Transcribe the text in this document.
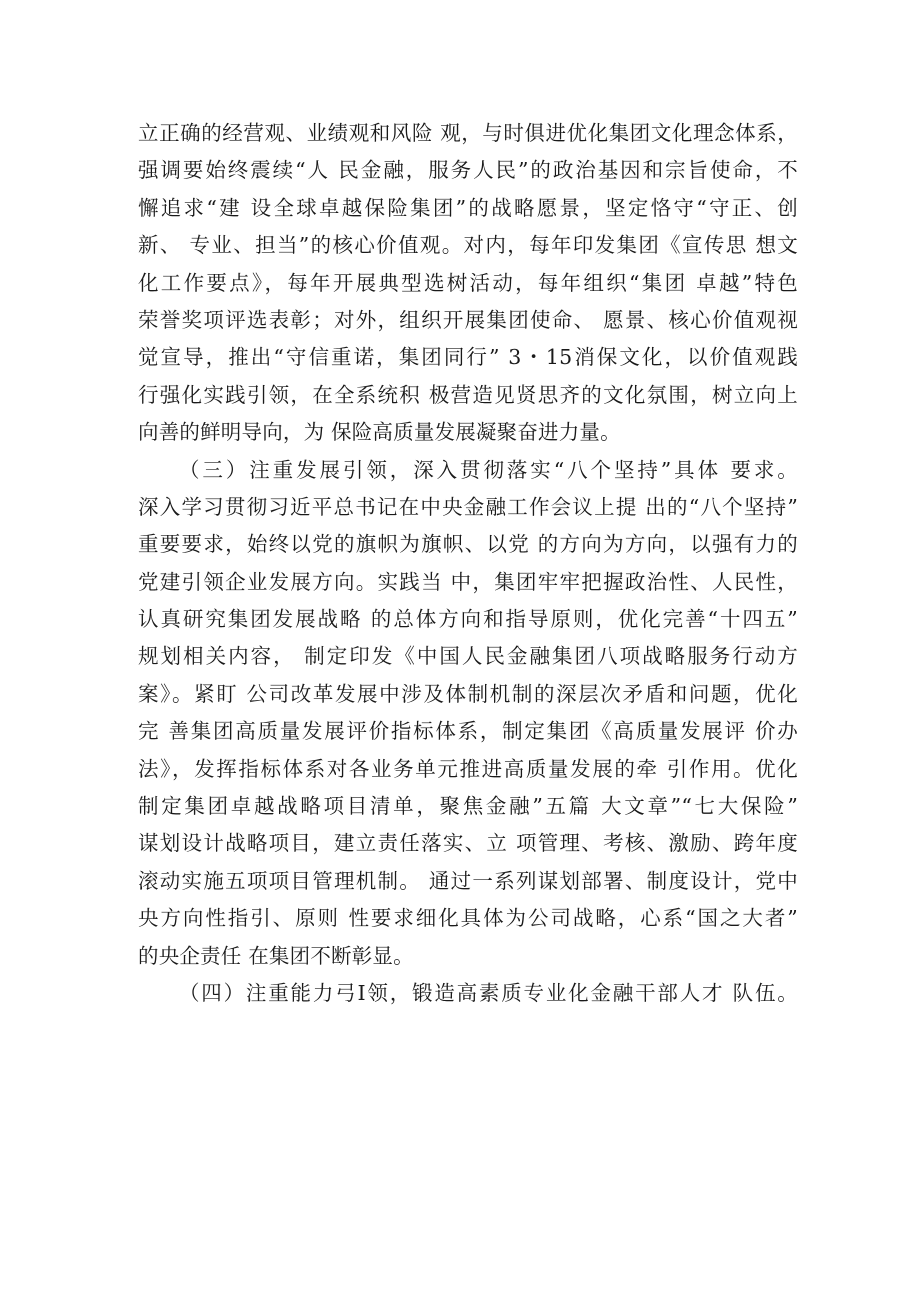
立正确的经营观、业绩观和风险 观，与时俱进优化集团文化理念体系，
强调要始终震续“人 民金融，服务人民”的政治基因和宗旨使命，不
懈追求“建 设全球卓越保险集团”的战略愿景，坚定恪守“守正、创
新、 专业、担当”的核心价值观。对内，每年印发集团《宣传思 想文
化工作要点》，每年开展典型选树活动，每年组织“集团 卓越”特色
荣誉奖项评选表彰；对外，组织开展集团使命、 愿景、核心价值观视
觉宣导，推出“守信重诺，集团同行” 3・15消保文化，以价值观践
行强化实践引领，在全系统积 极营造见贤思齐的文化氛围，树立向上
向善的鲜明导向，为 保险高质量发展凝聚奋进力量。
（三）注重发展引领，深入贯彻落实“八个坚持”具体 要求。
深入学习贯彻习近平总书记在中央金融工作会议上提 出的“八个坚持”
重要要求，始终以党的旗帜为旗帜、以党 的方向为方向，以强有力的
党建引领企业发展方向。实践当 中，集团牢牢把握政治性、人民性，
认真研究集团发展战略 的总体方向和指导原则，优化完善“十四五”
规划相关内容， 制定印发《中国人民金融集团八项战略服务行动方
案》。紧盯 公司改革发展中涉及体制机制的深层次矛盾和问题，优化
完 善集团高质量发展评价指标体系，制定集团《高质量发展评 价办
法》，发挥指标体系对各业务单元推进高质量发展的牵 引作用。优化
制定集团卓越战略项目清单，聚焦金融”五篇 大文章”“七大保险”
谋划设计战略项目，建立责任落实、立 项管理、考核、激励、跨年度
滚动实施五项项目管理机制。 通过一系列谋划部署、制度设计，党中
央方向性指引、原则 性要求细化具体为公司战略，心系“国之大者”
的央企责任 在集团不断彰显。
（四）注重能力弓I领，锻造高素质专业化金融干部人才 队伍。
